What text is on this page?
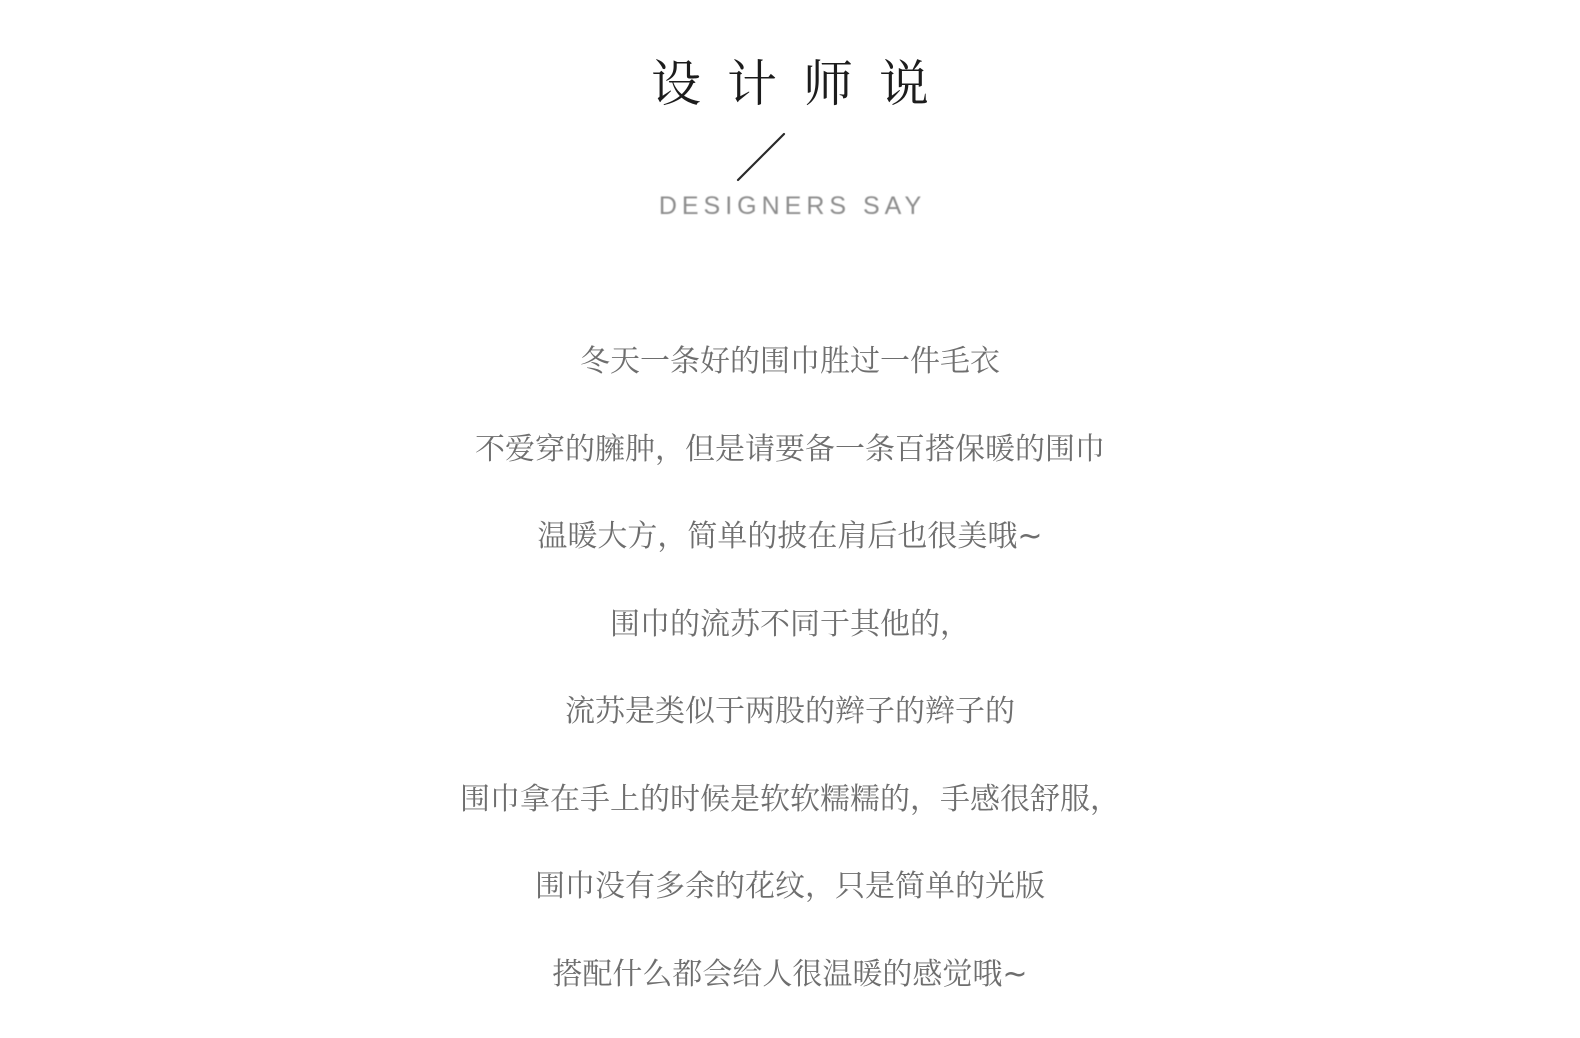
设计师说
DESIGNERS SAY
冬天一条好的围巾胜过一件毛衣
不爱穿的臃肿，但是请要备一条百搭保暖的围巾
温暖大方，简单的披在肩后也很美哦~
围巾的流苏不同于其他的，
流苏是类似于两股的辫子的辫子的
围巾拿在手上的时候是软软糯糯的，手感很舒服，
围巾没有多余的花纹，只是简单的光版
搭配什么都会给人很温暖的感觉哦~
